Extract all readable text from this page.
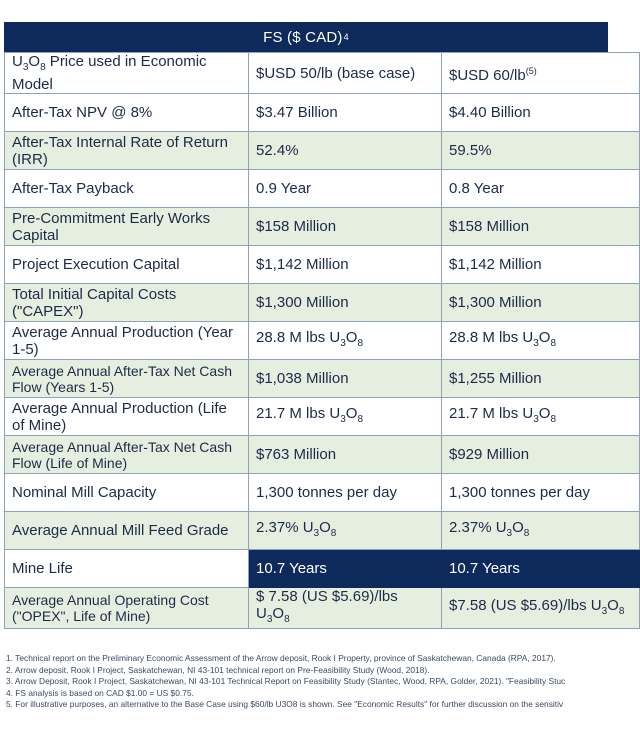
FS ($ CAD) 4
$U_3O_8$ Price used in Economic Model	$USD 50/lb (base case)	$USD $60/lb^{(5)}$
After-Tax NPV @ 8%	$3.47 Billion	$4.40 Billion
After-Tax Internal Rate of Return (IRR)	52.4%	59.5%
After-Tax Payback	0.9 Year	0.8 Year
Pre-Commitment Early Works Capital	$158 Million	$158 Million
Project Execution Capital	$1,142 Million	$1,142 Million
Total Initial Capital Costs ("CAPEX")	$1,300 Million	$1,300 Million
Average Annual Production (Year 1-5)	28.8 M lbs $U_3O_8$	28.8 M lbs $U_3O_8$
Average Annual After-Tax Net Cash Flow (Years 1-5)	$1,038 Million	$1,255 Million
Average Annual Production (Life of Mine)	21.7 M lbs $U_3O_8$	21.7 M lbs $U_3O_8$
Average Annual After-Tax Net Cash Flow (Life of Mine)	$763 Million	$929 Million
Nominal Mill Capacity	1,300 tonnes per day	1,300 tonnes per day
Average Annual Mill Feed Grade	2.37% $U_3O_8$	2.37% $U_3O_8$
Mine Life	10.7 Years	10.7 Years
Average Annual Operating Cost ("OPEX", Life of Mine)	$ 7.58 (US $5.69)/lbs $U_3O_8$	$7.58 (US $5.69)/lbs $U_3O_8$
1. Technical report on the Preliminary Economic Assessment of the Arrow deposit, Rook I Property, province of Saskatchewan, Canada (RPA, 2017).
2. Arrow deposit, Rook I Project, Saskatchewan, NI 43-101 technical report on Pre-Feasibility Study (Wood, 2018).
3. Arrow Deposit, Rook I Project, Saskatchewan, NI 43-101 Technical Report on Feasibility Study (Stantec, Wood, RPA, Golder, 2021). "Feasibility Stuc
4. FS analysis is based on CAD $1.00 = US $0.75.
5. For illustrative purposes, an alternative to the Base Case using $60/lb U3O8 is shown. See "Economic Results" for further discussion on the sensitiv
